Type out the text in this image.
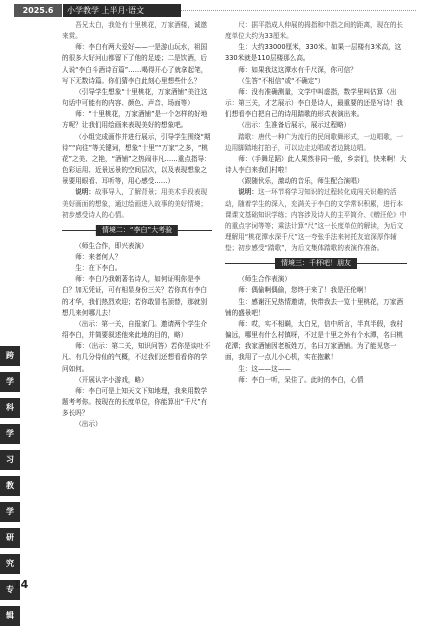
2025.6	小学教学 上半月·语文
跨
学
科
学
习
教
学
研
究
专
辑

吾兄太白，我处有十里桃花，万家酒楼，诚邀来赏。

师：李白有两大爱好——一是游山玩水，祖国的很多大好河山都留下了他的足迹；二是饮酒，后人说“李白斗酒诗百篇”……喝得开心了就拿起笔，写下无数诗篇。你们猜李白此刻心里想些什么？

（引导学生想象“十里桃花，万家酒铺”美注这句话中可能有的内容、颜色、声音、场面等）

师：“十里桃花，万家酒铺”是一个怎样的好地方呢？让我们用绘画来表现美好的想象吧。

（小组完成画作并进行展示，引导学生围绕“期待”“向往”等关键词，想象“十里”“万家”之多，“桃花”之美、之艳，“酒铺”之热闹非凡……重点指导：色彩运用、近景远景的空间层次，以及表现想象之景要用眼看、耳听等，用心感受……）

说明：故事导入，了解背景；用美术手段表现美好画面的想象，通过绘画进入故事的美好情境；初步感受诗人的心情。

情境二：“李白”大考验

（师生合作，即兴表演）

师：来者何人？

生：在下李白。

师：李白乃我朝著名诗人，如何证明你是李白？加无凭证，可有相显身份三关？若你真有李白的才华，我们热烈欢迎；若你敢冒名顶替，那就别想几来何哪儿去！

（出示：第一关，自报家门。邀请两个学生介绍李白，并简要叙述他来此地的目的，略）

师：（出示：第二关，知识问答）若你是谈吐不凡、有几分侍仙的气概，不过我们还想看看你的学问如何。

（开展认字小游戏，略）

师：李白可是上知天文下知地理，我来用数学题考考你。按现在的长度单位，你能算出“千尺”有多长吗？

（出示）

尺：据平指成人伸展的拇指和中指之间的距离，现在的长度单位大约为33厘米。

生：大约33000厘米，330米。如果一层楼有3米高，这330米就是110层楼那么高。

师：如果我这这潭水有千尺深，你可信？

（生答“不相信”或“不确定”）

师：没有准确测量，文学中叫虚指，数学里叫估算（出示：第三关，才艺展示）李白是诗人，最重要的还是写诗！我们想看李白把自己的诗用踏歌的形式表演出来。

（出示：生准备后展示，展示过程略）

踏歌：唐代一种广为流行的民间歌舞形式，一边唱歌，一边用脚踏地打拍子，可以边走边唱或者边跳边唱。

师：（手舞足蹈）此人果然非同一般，乡亲们，快来啊！大诗人李白来我们村啦！

（跟随伙乐，激动的音乐，师生配合演唱）

说明：这一环节将学习知识的过程转化成闯关识趣的活动，随着学生的深入，充满关于李白的文学常识积累，进行本课课文基础知识学练；内容涉及诗人的主平简介、《赠汪伦》中的重点字词等等；乘法计算“尺”这一长度单位的解读，为后文理解用“桃花潭水深千尺”这一夸张手法来衬托友谊深厚作辅垫；初步感受“踏歌”，为后文集体踏歌的表演作准备。

情境三：千杯吧！朋友

（师生合作表演）

师：偶偷啊偶偷，您终于来了！我是汪伦啊！

生：感谢汪兄热情邀请，快带我去一览十里桃花，万家酒铺的盛景吧！

师：哎，实不相瞒，太白兄，信中所言，半真半假，我村偏远，哪里有什么村镇呀，不过是十里之外有个水潭，名曰桃花潭；我家酒铺因老板姓万，名曰万家酒铺。为了能见您一面，我用了一点儿小心机，实在抱歉！

生：这——这——

师：李白一听，呆住了。此时的李白，心情

14
